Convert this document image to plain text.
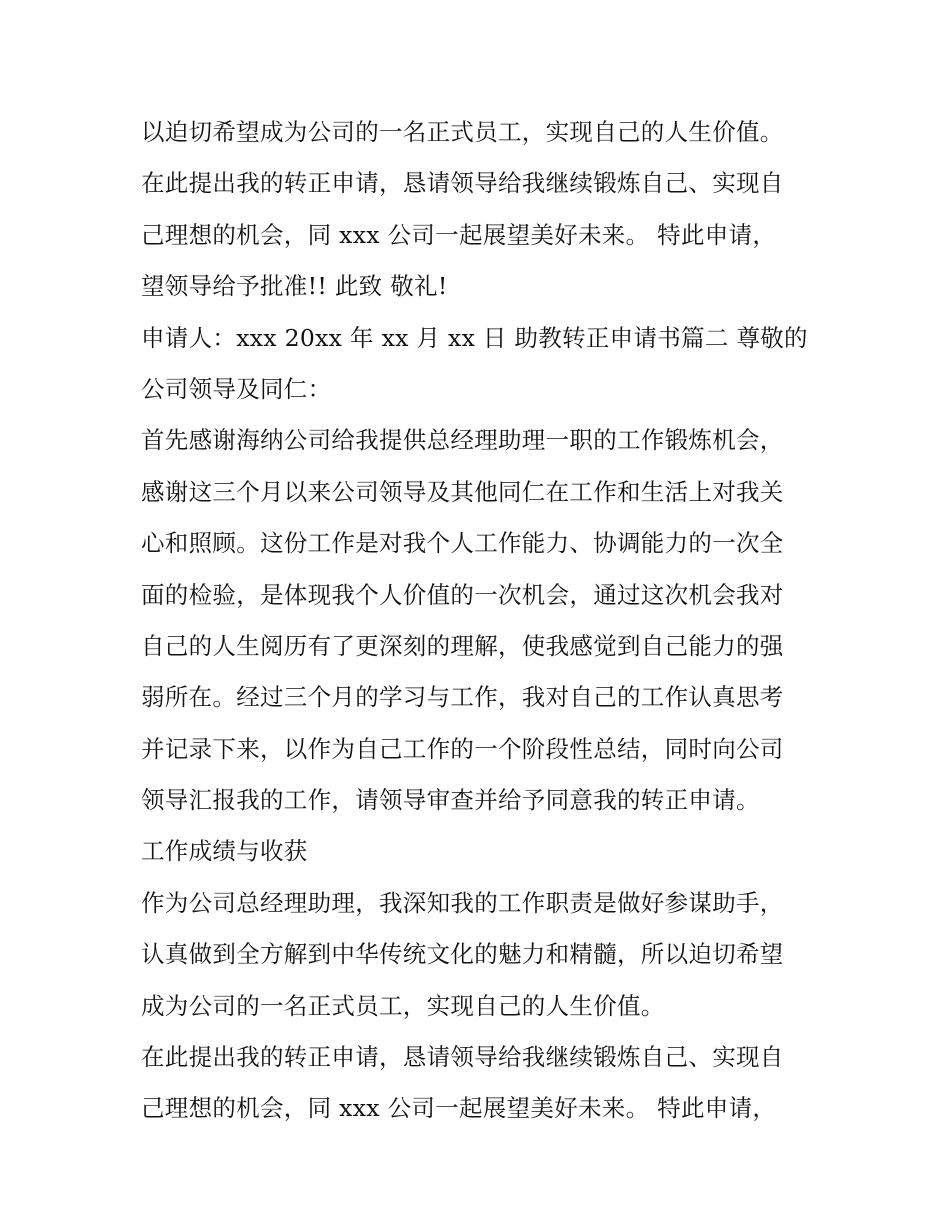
以迫切希望成为公司的一名正式员工，实现自己的人生价值。
在此提出我的转正申请，恳请领导给我继续锻炼自己、实现自
己理想的机会，同 xxx 公司一起展望美好未来。 特此申请，
望领导给予批准!! 此致 敬礼!
申请人：xxx 20xx 年 xx 月 xx 日 助教转正申请书篇二 尊敬的
公司领导及同仁：
首先感谢海纳公司给我提供总经理助理一职的工作锻炼机会，
感谢这三个月以来公司领导及其他同仁在工作和生活上对我关
心和照顾。这份工作是对我个人工作能力、协调能力的一次全
面的检验，是体现我个人价值的一次机会，通过这次机会我对
自己的人生阅历有了更深刻的理解，使我感觉到自己能力的强
弱所在。经过三个月的学习与工作，我对自己的工作认真思考
并记录下来，以作为自己工作的一个阶段性总结，同时向公司
领导汇报我的工作，请领导审查并给予同意我的转正申请。
工作成绩与收获
作为公司总经理助理，我深知我的工作职责是做好参谋助手，
认真做到全方解到中华传统文化的魅力和精髓，所以迫切希望
成为公司的一名正式员工，实现自己的人生价值。
在此提出我的转正申请，恳请领导给我继续锻炼自己、实现自
己理想的机会，同 xxx 公司一起展望美好未来。 特此申请，
